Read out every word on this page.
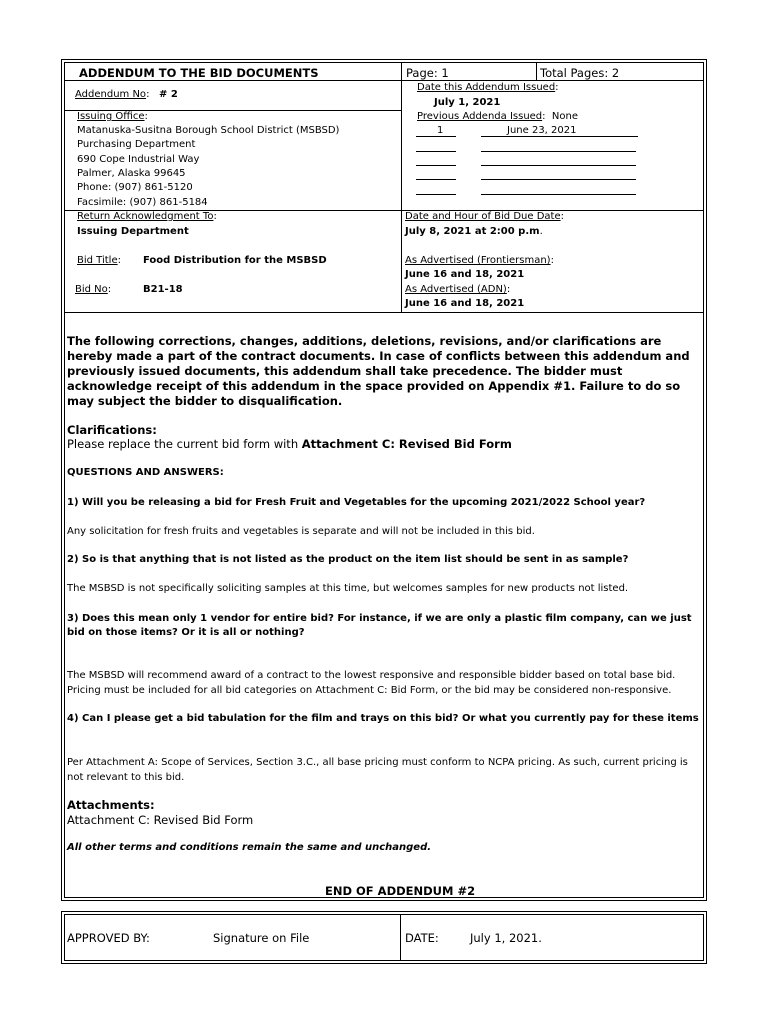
ADDENDUM TO THE BID DOCUMENTS	Page: 1	Total Pages: 2
Addendum No:   # 2
Date this Addendum Issued:
July 1, 2021
Previous Addenda Issued:  None
1	June 23, 2021
Issuing Office:
Matanuska-Susitna Borough School District (MSBSD)
Purchasing Department
690 Cope Industrial Way
Palmer, Alaska 99645
Phone: (907) 861-5120
Facsimile: (907) 861-5184
Return Acknowledgment To:
Issuing Department
Date and Hour of Bid Due Date:
July 8, 2021 at 2:00 p.m.
Bid Title: Food Distribution for the MSBSD
Bid No:	B21-18
As Advertised (Frontiersman):
June 16 and 18, 2021
As Advertised (ADN):
June 16 and 18, 2021
The following corrections, changes, additions, deletions, revisions, and/or clarifications are hereby made a part of the contract documents. In case of conflicts between this addendum and previously issued documents, this addendum shall take precedence. The bidder must acknowledge receipt of this addendum in the space provided on Appendix #1. Failure to do so may subject the bidder to disqualification.
Clarifications:
Please replace the current bid form with Attachment C: Revised Bid Form
QUESTIONS AND ANSWERS:
1) Will you be releasing a bid for Fresh Fruit and Vegetables for the upcoming 2021/2022 School year?
Any solicitation for fresh fruits and vegetables is separate and will not be included in this bid.
2) So is that anything that is not listed as the product on the item list should be sent in as sample?
The MSBSD is not specifically soliciting samples at this time, but welcomes samples for new products not listed.
3) Does this mean only 1 vendor for entire bid? For instance, if we are only a plastic film company, can we just bid on those items? Or it is all or nothing?
The MSBSD will recommend award of a contract to the lowest responsive and responsible bidder based on total base bid. Pricing must be included for all bid categories on Attachment C: Bid Form, or the bid may be considered non-responsive.
4) Can I please get a bid tabulation for the film and trays on this bid? Or what you currently pay for these items
Per Attachment A: Scope of Services, Section 3.C., all base pricing must conform to NCPA pricing. As such, current pricing is not relevant to this bid.
Attachments:
Attachment C: Revised Bid Form
All other terms and conditions remain the same and unchanged.
END OF ADDENDUM #2
APPROVED BY:	Signature on File	DATE:	July 1, 2021.
